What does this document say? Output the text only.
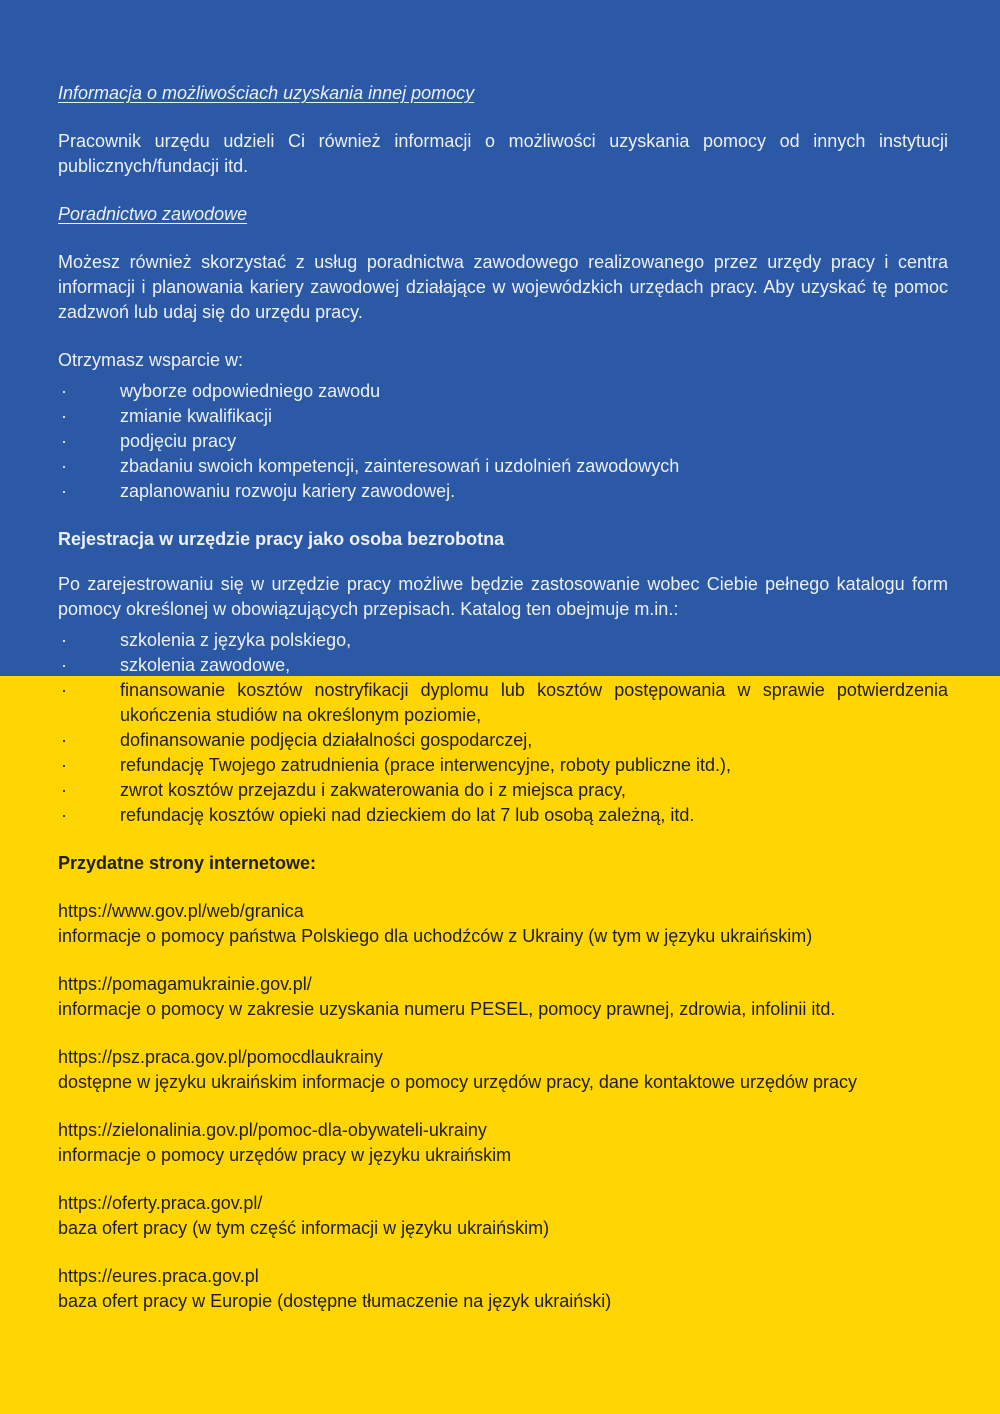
Informacja o możliwościach uzyskania innej pomocy

Pracownik urzędu udzieli Ci również informacji o możliwości uzyskania pomocy od innych instytucji publicznych/fundacji itd.

Poradnictwo zawodowe

Możesz również skorzystać z usług poradnictwa zawodowego realizowanego przez urzędy pracy i centra informacji i planowania kariery zawodowej działające w wojewódzkich urzędach pracy. Aby uzyskać tę pomoc zadzwoń lub udaj się do urzędu pracy.

Otrzymasz wsparcie w:

·	wyborze odpowiedniego zawodu
·	zmianie kwalifikacji
·	podjęciu pracy
·	zbadaniu swoich kompetencji, zainteresowań i uzdolnień zawodowych
·	zaplanowaniu rozwoju kariery zawodowej.
Rejestracja w urzędzie pracy jako osoba bezrobotna

Po zarejestrowaniu się w urzędzie pracy możliwe będzie zastosowanie wobec Ciebie pełnego katalogu form pomocy określonej w obowiązujących przepisach. Katalog ten obejmuje m.in.:

·	szkolenia z języka polskiego,
·	szkolenia zawodowe,
·	finansowanie kosztów nostryfikacji dyplomu lub kosztów postępowania w sprawie potwierdzenia ukończenia studiów na określonym poziomie,
·	dofinansowanie podjęcia działalności gospodarczej,
·	refundację Twojego zatrudnienia (prace interwencyjne, roboty publiczne itd.),
·	zwrot kosztów przejazdu i zakwaterowania do i z miejsca pracy,
·	refundację kosztów opieki nad dzieckiem do lat 7 lub osobą zależną, itd.
Przydatne strony internetowe:
https://www.gov.pl/web/granica
informacje o pomocy państwa Polskiego dla uchodźców z Ukrainy (w tym w języku ukraińskim)
https://pomagamukrainie.gov.pl/
informacje o pomocy w zakresie uzyskania numeru PESEL, pomocy prawnej, zdrowia, infolinii itd.
https://psz.praca.gov.pl/pomocdlaukrainy
dostępne w języku ukraińskim informacje o pomocy urzędów pracy, dane kontaktowe urzędów pracy
https://zielonalinia.gov.pl/pomoc-dla-obywateli-ukrainy
informacje o pomocy urzędów pracy w języku ukraińskim
https://oferty.praca.gov.pl/
baza ofert pracy (w tym część informacji w języku ukraińskim)
https://eures.praca.gov.pl
baza ofert pracy w Europie (dostępne tłumaczenie na język ukraiński)
